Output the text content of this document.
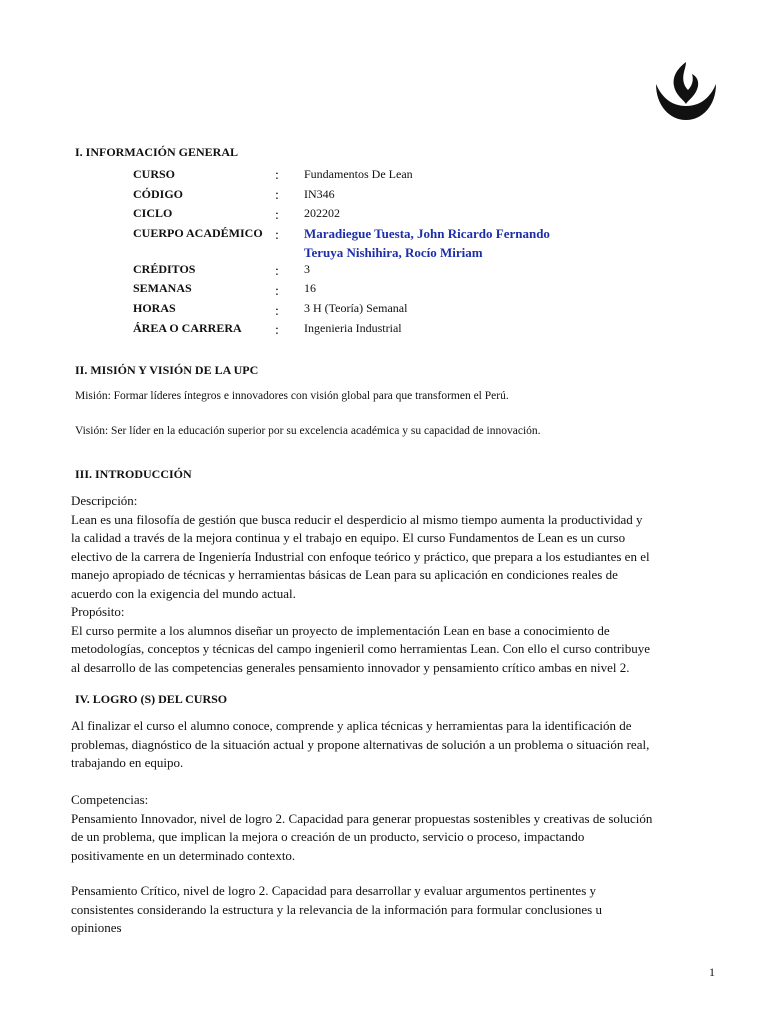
I. INFORMACIÓN GENERAL
CURSO	: Fundamentos De Lean
CÓDIGO	: IN346
CICLO	: 202202
CUERPO ACADÉMICO : Maradiegue Tuesta, John Ricardo Fernando
Teruya Nishihira, Rocío Miriam
CRÉDITOS	: 3
SEMANAS	: 16
HORAS	: 3 H (Teoría) Semanal
ÁREA O CARRERA : Ingenieria Industrial
II. MISIÓN Y VISIÓN DE LA UPC
Misión: Formar líderes íntegros e innovadores con visión global para que transformen el Perú.
Visión: Ser líder en la educación superior por su excelencia académica y su capacidad de innovación.
III. INTRODUCCIÓN

Descripción:

Lean es una filosofía de gestión que busca reducir el desperdicio al mismo tiempo aumenta la productividad y la calidad a través de la mejora continua y el trabajo en equipo. El curso Fundamentos de Lean es un curso electivo de la carrera de Ingeniería Industrial con enfoque teórico y práctico, que prepara a los estudiantes en el manejo apropiado de técnicas y herramientas básicas de Lean para su aplicación en condiciones reales de acuerdo con la exigencia del mundo actual.

Propósito:

El curso permite a los alumnos diseñar un proyecto de implementación Lean en base a conocimiento de metodologías, conceptos y técnicas del campo ingenieril como herramientas Lean. Con ello el curso contribuye al desarrollo de las competencias generales pensamiento innovador y pensamiento crítico ambas en nivel 2.

IV. LOGRO (S) DEL CURSO

Al finalizar el curso el alumno conoce, comprende y aplica técnicas y herramientas para la identificación de problemas, diagnóstico de la situación actual y propone alternativas de solución a un problema o situación real, trabajando en equipo.

Competencias:

Pensamiento Innovador, nivel de logro 2. Capacidad para generar propuestas sostenibles y creativas de solución de un problema, que implican la mejora o creación de un producto, servicio o proceso, impactando positivamente en un determinado contexto.

Pensamiento Crítico, nivel de logro 2. Capacidad para desarrollar y evaluar argumentos pertinentes y consistentes considerando la estructura y la relevancia de la información para formular conclusiones u opiniones

1
